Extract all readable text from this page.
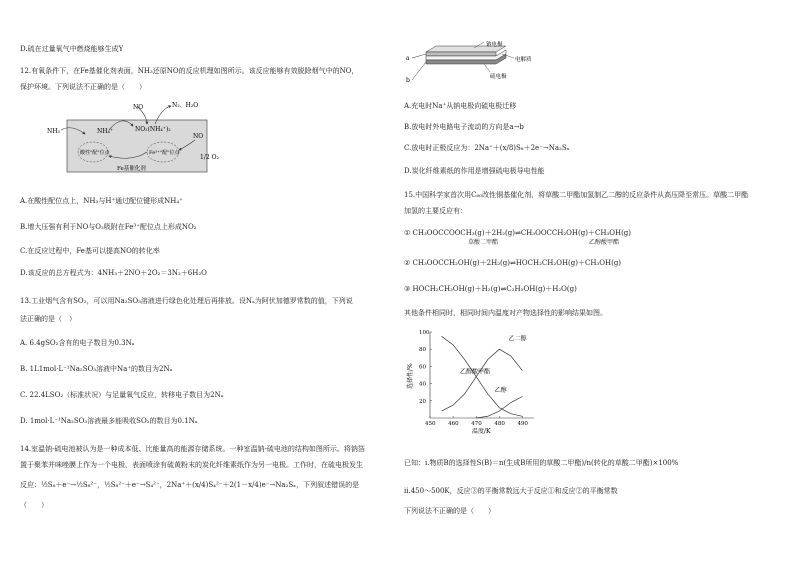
D.硫在过量氧气中燃烧能够生成Y
12.有氧条件下，在Fe基催化剂表面，NH₃还原NO的反应机理如图所示。该反应能够有效脱除烟气中的NO，
保护环境。下列说法不正确的是（　　）
NO	N₂、H₂O
NH₃	NH₄⁺	NO₂(NH₄⁺)₂
NO
1/2 O₂
酸性"配"位点	Fe³⁺"配"位点
Fe基催化剂
A.在酸性配位点上，NH₃与H⁺通过配位键形成NH₄⁺
B.增大压强有利于NO与O₂吸附在Fe³⁺配位点上形成NO₂
C.在反应过程中，Fe基可以提高NO的转化率
D.该反应的总方程式为：4NH₃＋2NO＋2O₂＝3N₂＋6H₂O
13.工业烟气含有SO₂，可以用Na₂SO₃溶液进行绿色化处理后再排放。设Nₐ为阿伏加德罗常数的值，下列说
法正确的是（　）
A. 6.4gSO₂含有的电子数目为0.3Nₐ
B. 1L1mol·L⁻¹Na₂SO₃溶液中Na⁺的数目为2Nₐ
C. 22.4LSO₂（标准状况）与足量氧气反应，转移电子数目为2Nₐ
D. 1mol·L⁻¹Na₂SO₃溶液最多能吸收SO₂的数目为0.1Nₐ
14.室温钠-硫电池被认为是一种成本低、比能量高的能源存储系统。一种室温钠-硫电池的结构如图所示。将钠箔
置于聚苯并咪唑膜上作为一个电极，表面喷涂有硫黄粉末的炭化纤维素纸作为另一电极。工作时，在硫电极发生
反应：½S₈＋e⁻→½S₈²⁻，½S₈²⁻＋e⁻→S₄²⁻，2Na⁺＋(x/4)S₄²⁻＋2(1－x/4)e⁻→Na₂Sₓ，下列叙述错误的是
（　　）
a
b
钠电极
电解质
硫电极
A.充电时Na⁺从钠电极向硫电极迁移
B.放电时外电路电子流动的方向是a→b
C.放电时正极反应为：2Na⁺＋(x/8)S₈＋2e⁻→Na₂Sₓ
D.炭化纤维素纸的作用是增强硫电极导电性能
15.中国科学家首次用C₆₀改性铜基催化剂，将草酸二甲酯加氢制乙二醇的反应条件从高压降至常压。草酸二甲酯
加氢的主要反应有：
① CH₃OOCCOOCH₃(g)＋2H₂(g)⇌CH₃OOCCH₂OH(g)＋CH₃OH(g)
草酸二甲酯	乙醇酸甲酯
② CH₃OOCCH₂OH(g)＋2H₂(g)⇌HOCH₂CH₂OH(g)＋CH₃OH(g)
③ HOCH₂CH₂OH(g)＋H₂(g)⇌C₂H₅OH(g)＋H₂O(g)
其他条件相同时，相同时间内温度对产物选择性的影响结果如图。
450 460 470 480 490
20
40
60
80
100
温度/K
选择性/%
乙二醇
乙醇酸甲酯
乙醇
已知：ⅰ.物质B的选择性S(B)＝n(生成B所用的草酸二甲酯)/n(转化的草酸二甲酯)×100%
ⅱ.450～500K，反应③的平衡常数远大于反应①和反应②的平衡常数
下列说法不正确的是（　　）
